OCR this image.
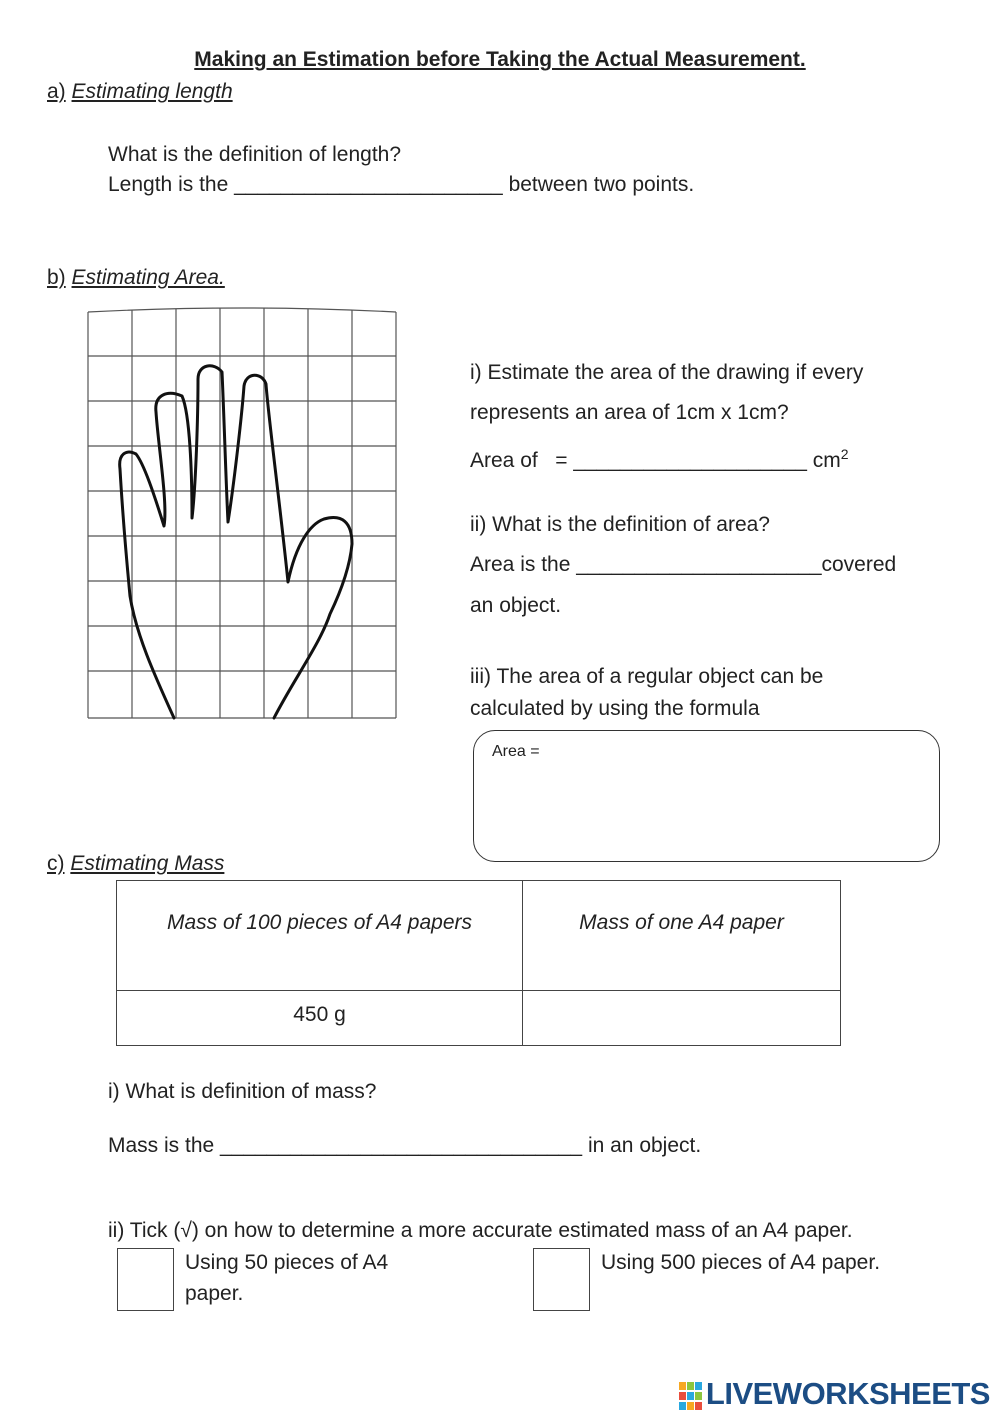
Making an Estimation before Taking the Actual Measurement.
a) Estimating length
What is the definition of length?
Length is the _______________________ between two points.
b) Estimating Area.
i) Estimate the area of the drawing if every
represents an area of 1cm x 1cm?
Area of   = ____________________ $cm^2$
ii) What is the definition of area?
Area is the _____________________covered
an object.
iii) The area of a regular object can be
calculated by using the formula
Area =
c) Estimating Mass
Mass of 100 pieces of A4 papers	Mass of one A4 paper
450 g	
i) What is definition of mass?
Mass is the _______________________________ in an object.
ii) Tick (√) on how to determine a more accurate estimated mass of an A4 paper.
Using 50 pieces of A4
paper.
Using 500 pieces of A4 paper.
LIVEWORKSHEETS
